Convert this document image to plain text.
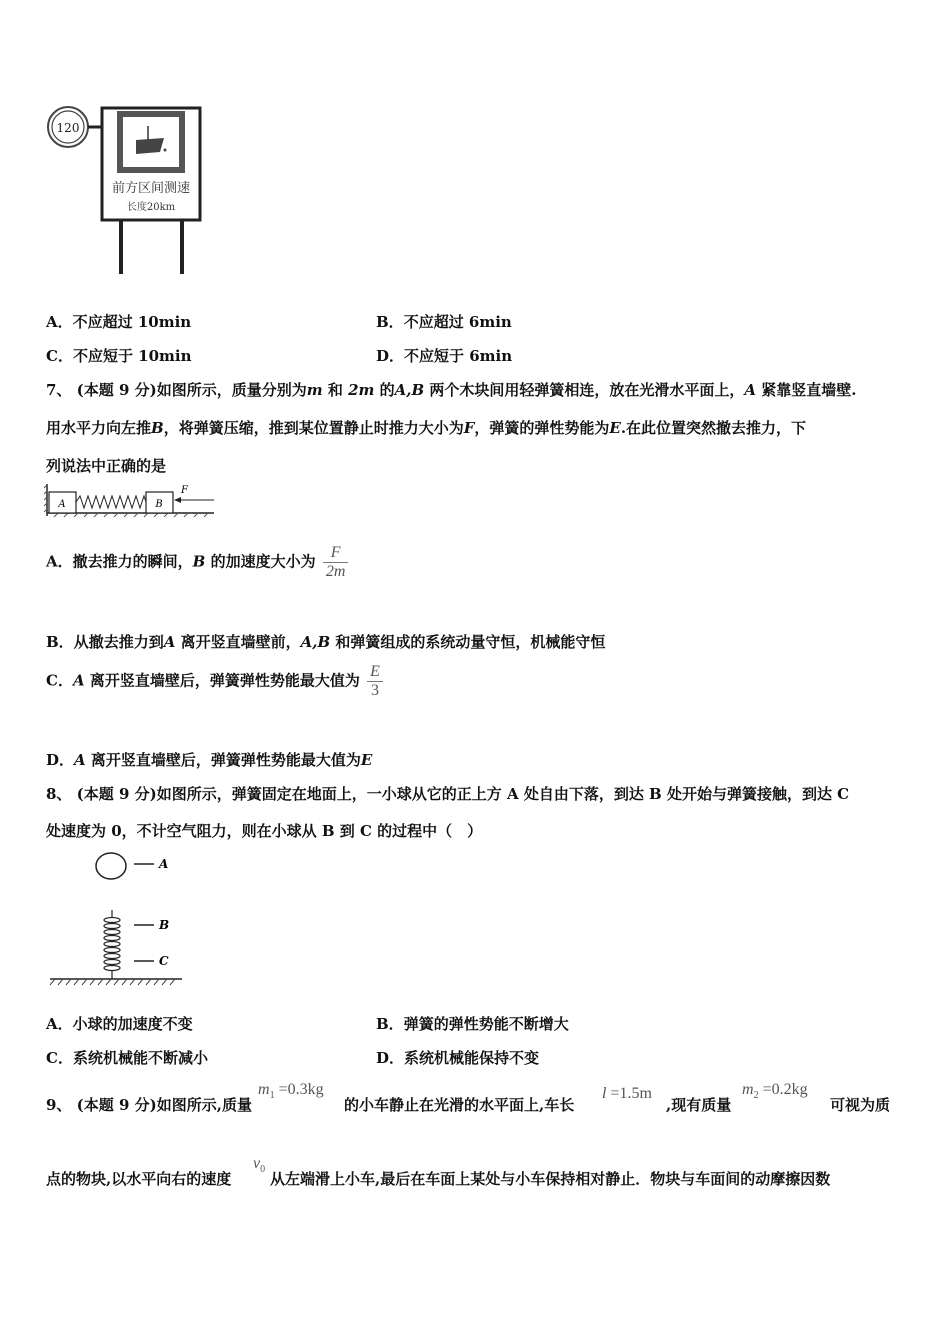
120
前方区间测速
长度20km
A．不应超过 10min	B．不应超过 6min
C．不应短于 10min	D．不应短于 6min
7、 (本题 9 分)如图所示，质量分别为m 和 2m 的A,B 两个木块间用轻弹簧相连，放在光滑水平面上，A 紧靠竖直墙壁.
用水平力向左推B，将弹簧压缩，推到某位置静止时推力大小为F，弹簧的弹性势能为E.在此位置突然撤去推力，下
列说法中正确的是
A	B
F
A．撤去推力的瞬间，B 的加速度大小为 $\frac{F}{2m}$
B．从撤去推力到A 离开竖直墙壁前，A,B 和弹簧组成的系统动量守恒，机械能守恒
C．A 离开竖直墙壁后，弹簧弹性势能最大值为 $\frac{E}{3}$
D．A 离开竖直墙壁后，弹簧弹性势能最大值为E
8、 (本题 9 分)如图所示，弹簧固定在地面上，一小球从它的正上方 A 处自由下落，到达 B 处开始与弹簧接触，到达 C
处速度为 0，不计空气阻力，则在小球从 B 到 C 的过程中（　）
A
B
C
A．小球的加速度不变	B．弹簧的弹性势能不断增大
C．系统机械能不断减小	D．系统机械能保持不变
9、 (本题 9 分)如图所示,质量
$m_1 =0.3kg$
的小车静止在光滑的水平面上,车长
l =1.5m
,现有质量
$m_2 =0.2kg$
可视为质
点的物块,以水平向右的速度
$v_0$
从左端滑上小车,最后在车面上某处与小车保持相对静止．物块与车面间的动摩擦因数
